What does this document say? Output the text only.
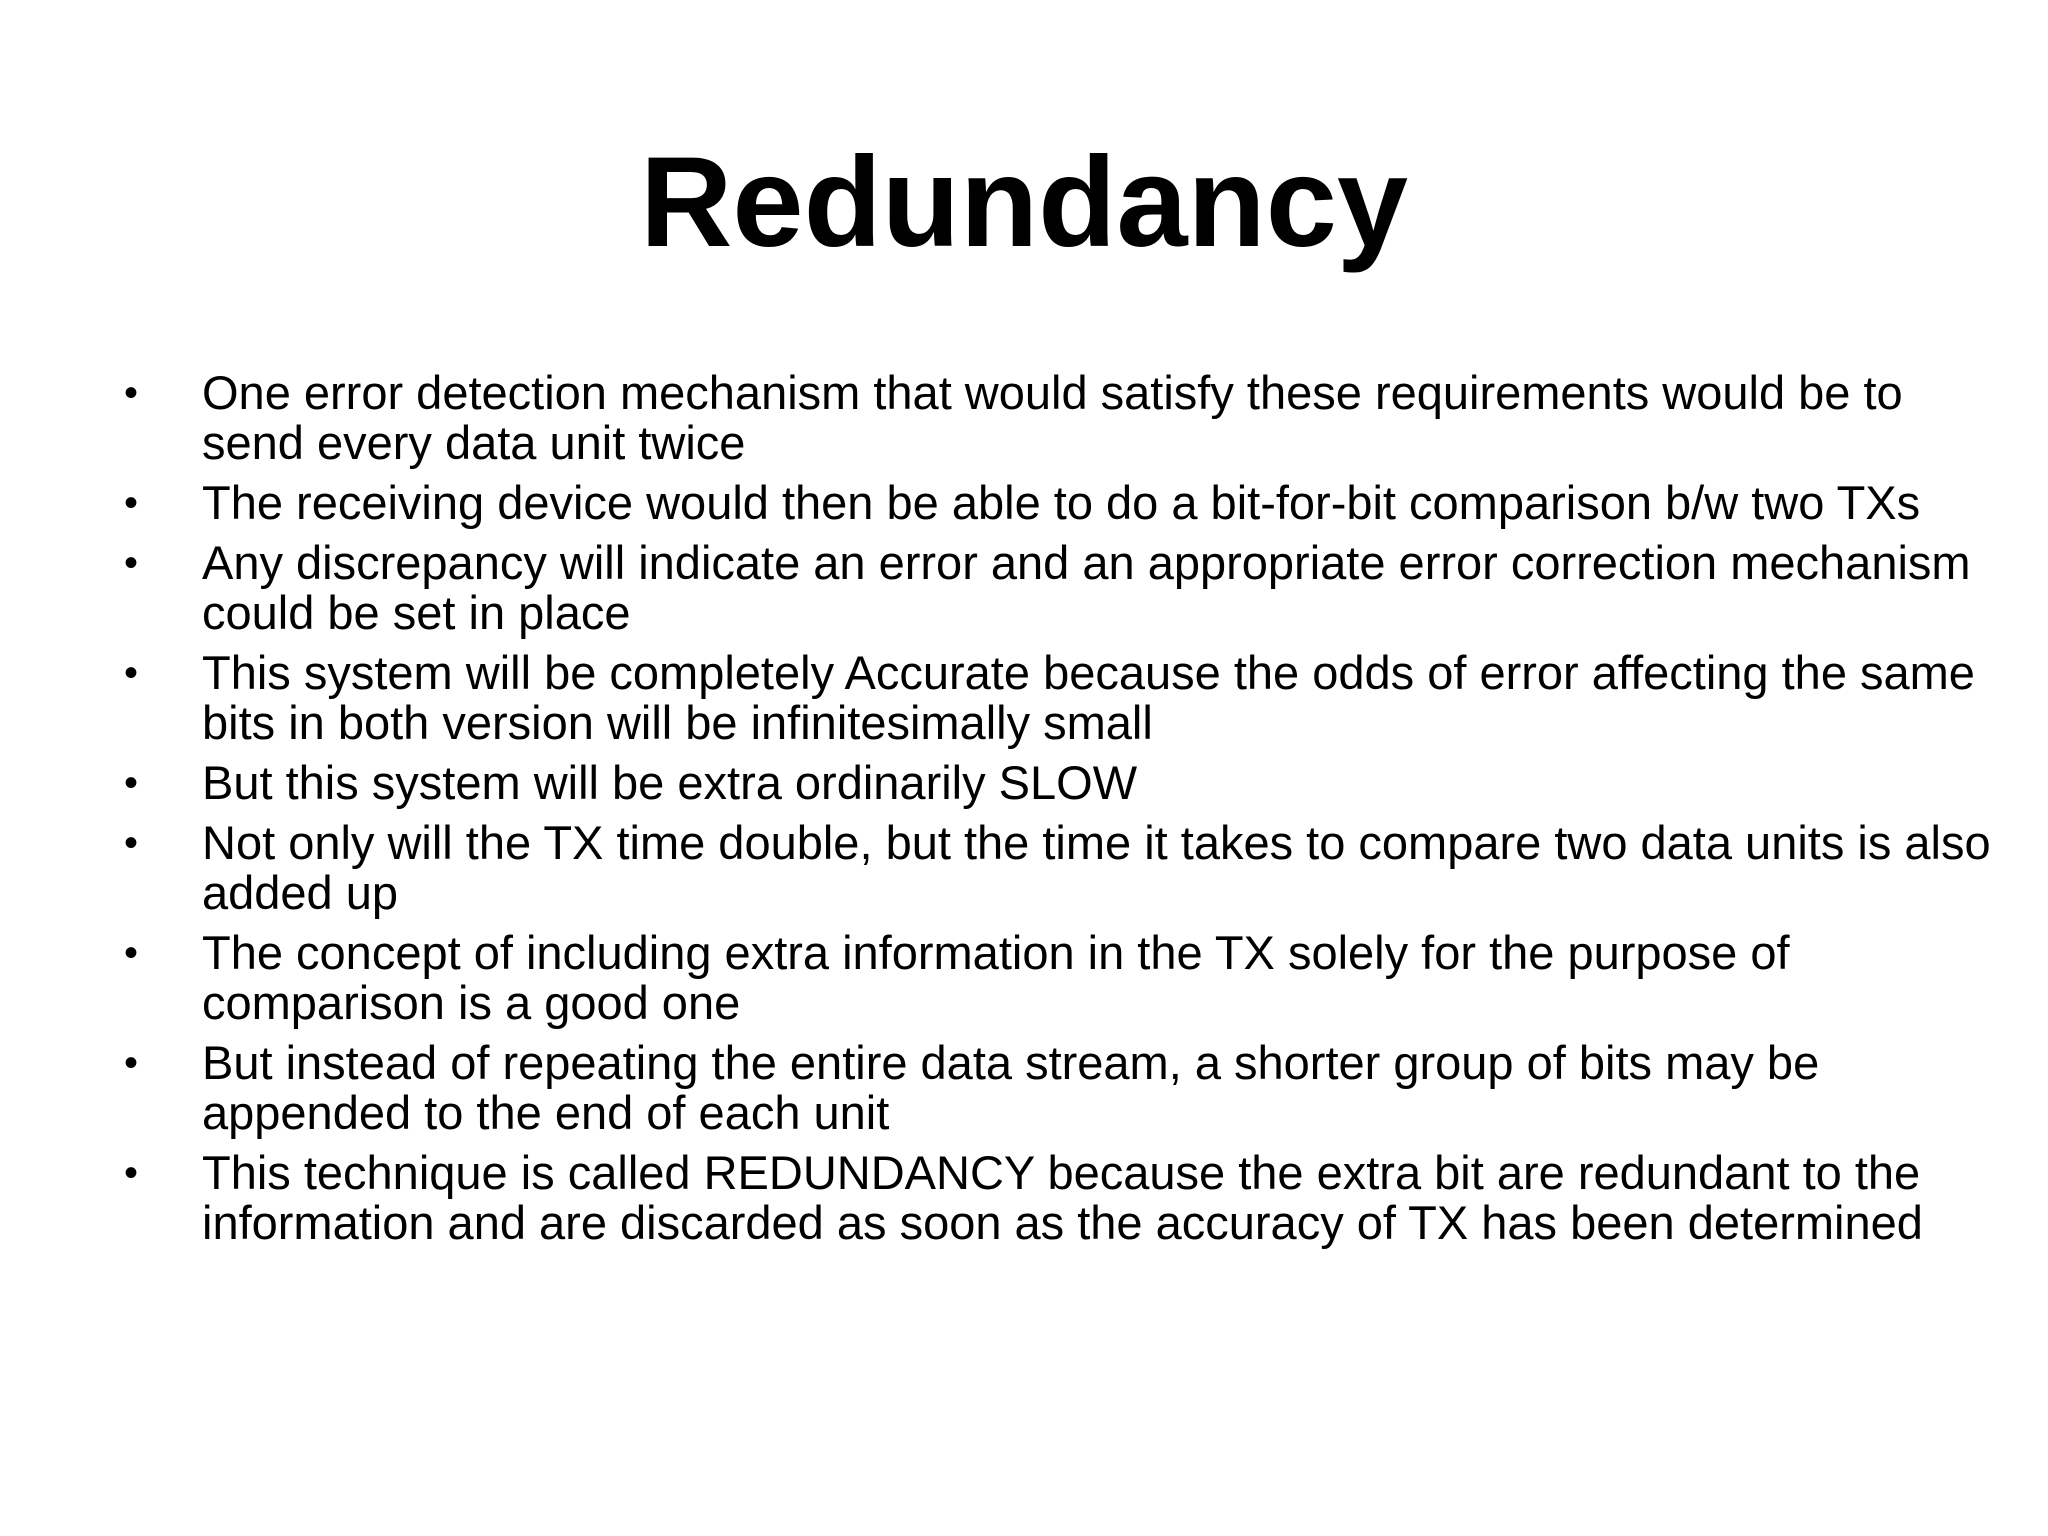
Redundancy
• One error detection mechanism that would satisfy these requirements would be to send every data unit twice
• The receiving device would then be able to do a bit-for-bit comparison b/w two TXs
• Any discrepancy will indicate an error and an appropriate error correction mechanism could be set in place
• This system will be completely Accurate because the odds of error affecting the same bits in both version will be infinitesimally small
• But this system will be extra ordinarily SLOW
• Not only will the TX time double, but the time it takes to compare two data units is also added up
• The concept of including extra information in the TX solely for the purpose of comparison is a good one
• But instead of repeating the entire data stream, a shorter group of bits may be appended to the end of each unit
• This technique is called REDUNDANCY because the extra bit are redundant to the information and are discarded as soon as the accuracy of TX has been determined
